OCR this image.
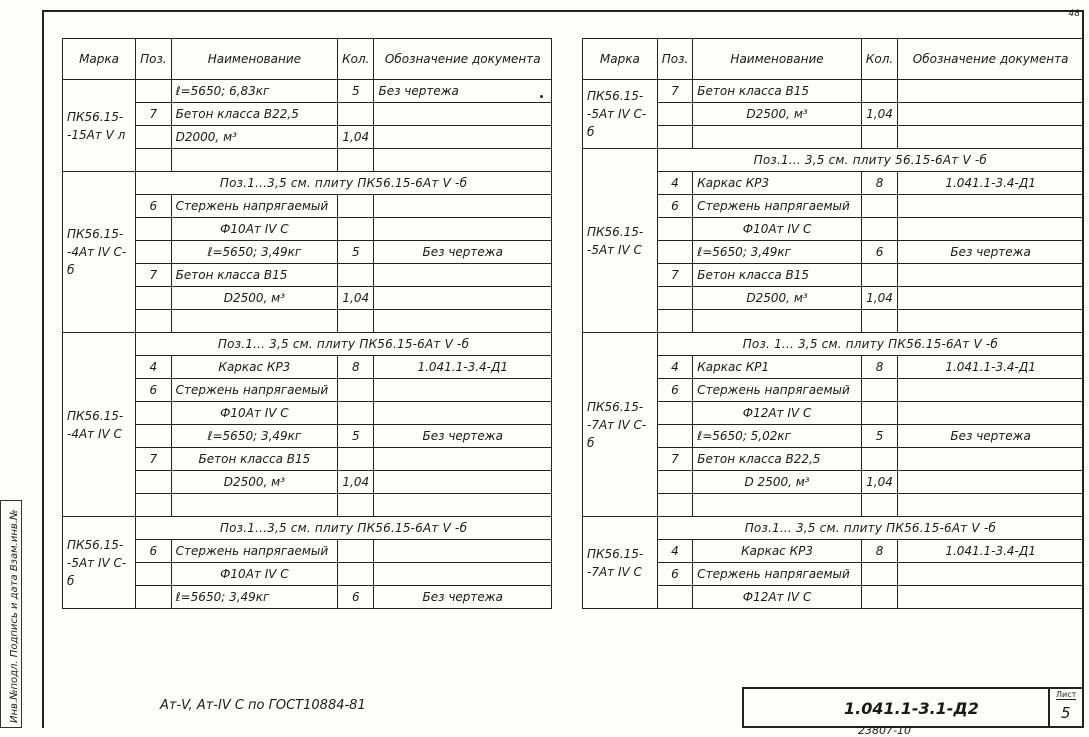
48
Инв.№подл. Подпись и дата Взам.инв.№
Марка	Поз.	Наименование	Кол.	Обозначение документа
ПК56.15--15Ат V л		ℓ=5650; 6,83кг	5	Без чертежа
	7	Бетон класса В22,5		
		D2000, м³	1,04	

ПК56.15--4Ат IV С-б	Поз.1...3,5 см. плиту ПК56.15-6Ат V -б			
	6	Стержень напрягаемый		
		Ф10Ат IV С		
		ℓ=5650; 3,49кг	5	Без чертежа
	7	Бетон класса В15		
		D2500, м³	1,04	

ПК56.15--4Ат IV С	Поз.1... 3,5 см. плиту ПК56.15-6Ат V -б			
	4	Каркас КР3	8	1.041.1-3.4-Д1
	6	Стержень напрягаемый		
		Ф10Ат IV С		
		ℓ=5650; 3,49кг	5	Без чертежа
	7	Бетон класса В15		
		D2500, м³	1,04	

ПК56.15--5Ат IV С-б	Поз.1...3,5 см. плиту ПК56.15-6Ат V -б			
	6	Стержень напрягаемый		
		Ф10Ат IV С		
		ℓ=5650; 3,49кг	6	Без чертежа
Марка	Поз.	Наименование	Кол.	Обозначение документа
ПК56.15--5Ат IV С-б	7	Бетон класса В15		
		D2500, м³	1,04	

ПК56.15--5Ат IV С	Поз.1... 3,5 см. плиту 56.15-6Ат V -б			
	4	Каркас КР3	8	1.041.1-3.4-Д1
	6	Стержень напрягаемый		
		Ф10Ат IV С		
		ℓ=5650; 3,49кг	6	Без чертежа
	7	Бетон класса В15		
		D2500, м³	1,04	

ПК56.15--7Ат IV С-б	Поз. 1... 3,5 см. плиту ПК56.15-6Ат V -б			
	4	Каркас КР1	8	1.041.1-3.4-Д1
	6	Стержень напрягаемый		
		Ф12Ат IV С		
		ℓ=5650; 5,02кг	5	Без чертежа
	7	Бетон класса В22,5		
		D 2500, м³	1,04	

ПК56.15--7Ат IV С	Поз.1... 3,5 см. плиту ПК56.15-6Ат V -б			
	4	Каркас КР3	8	1.041.1-3.4-Д1
	6	Стержень напрягаемый		
		Ф12Ат IV С		
Ат-V, Ат-IV С по ГОСТ10884-81	1.041.1-3.1-Д2
Лист
5
23807-10
